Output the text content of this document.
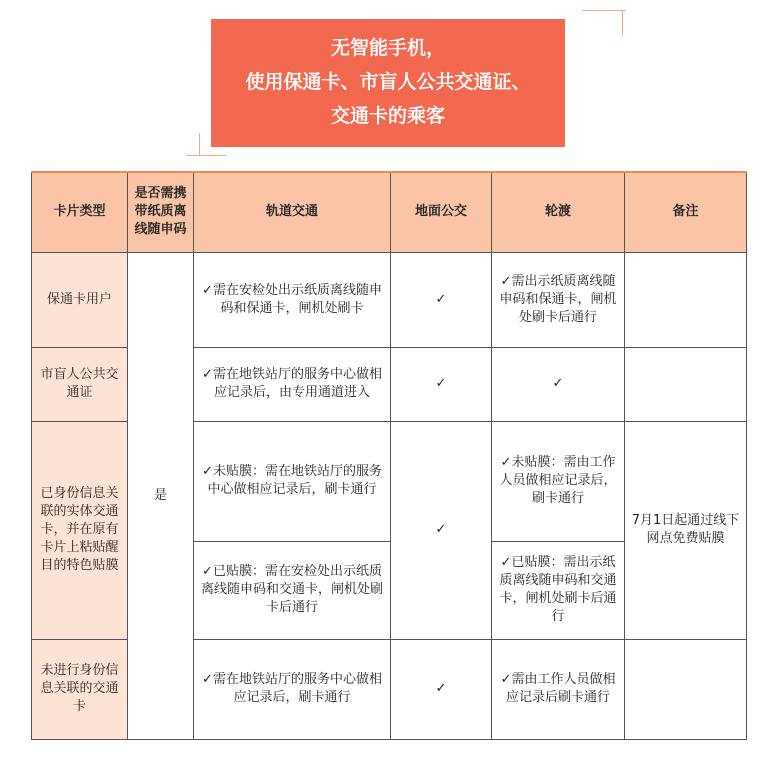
无智能手机，
使用保通卡、市盲人公共交通证、
交通卡的乘客
卡片类型	是否需携带纸质离线随申码	轨道交通	地面公交	轮渡	备注
保通卡用户	是	✓需在安检处出示纸质离线随申码和保通卡，闸机处刷卡	✓	✓需出示纸质离线随申码和保通卡，闸机处刷卡后通行	
市盲人公共交通证		✓需在地铁站厅的服务中心做相应记录后，由专用通道进入	✓	✓	
已身份信息关联的实体交通卡，并在原有卡片上粘贴醒目的特色贴膜		✓未贴膜：需在地铁站厅的服务中心做相应记录后，刷卡通行	✓	✓未贴膜：需由工作人员做相应记录后，刷卡通行	7月1日起通过线下网点免费贴膜
		✓已贴膜：需在安检处出示纸质离线随申码和交通卡，闸机处刷卡后通行		✓已贴膜：需出示纸质离线随申码和交通卡，闸机处刷卡后通行	
未进行身份信息关联的交通卡		✓需在地铁站厅的服务中心做相应记录后，刷卡通行	✓	✓需由工作人员做相应记录后刷卡通行	
